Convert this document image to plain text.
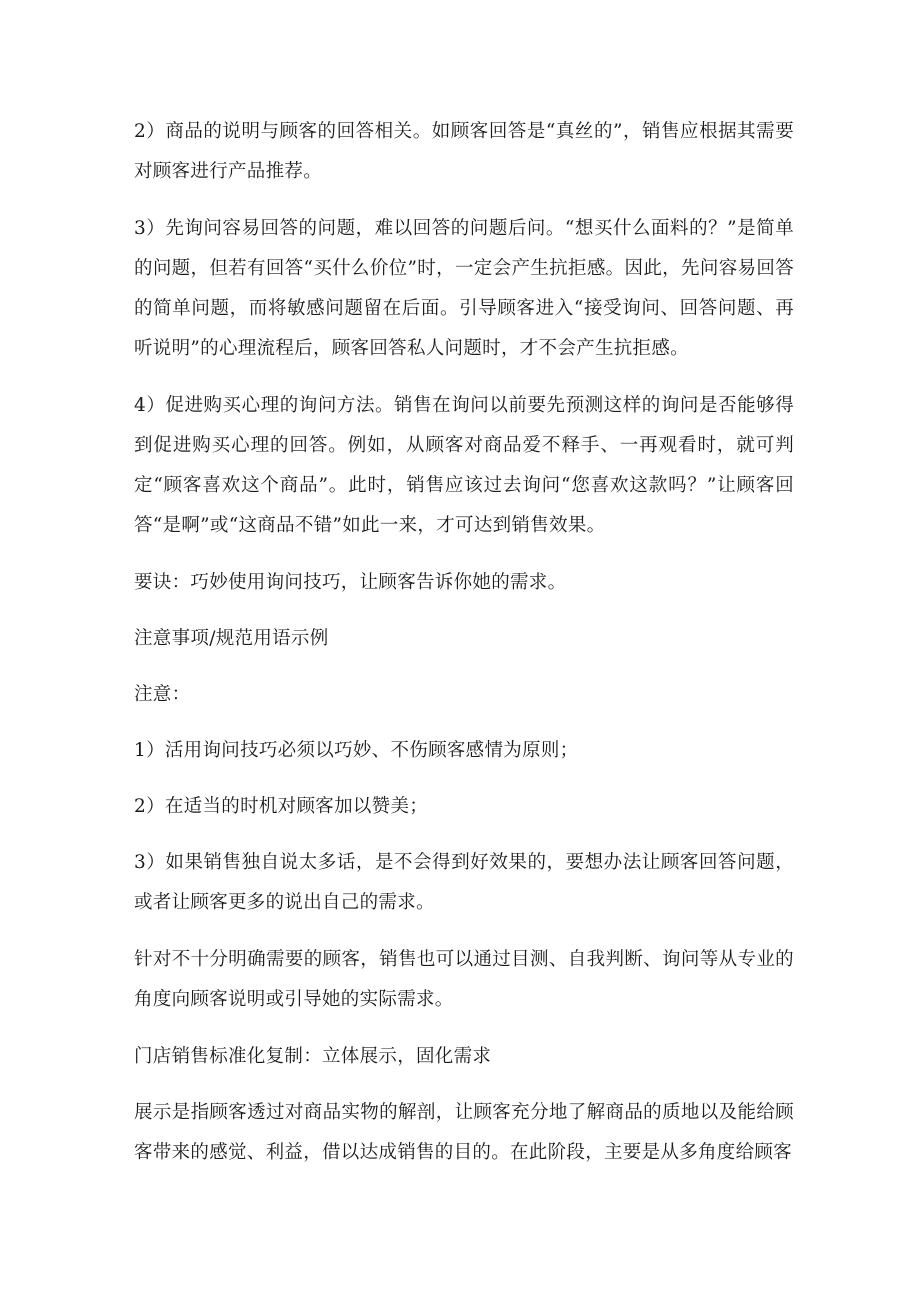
2）商品的说明与顾客的回答相关。如顾客回答是“真丝的”，销售应根据其需要对顾客进行产品推荐。

3）先询问容易回答的问题，难以回答的问题后问。“想买什么面料的？”是简单的问题，但若有回答“买什么价位”时，一定会产生抗拒感。因此，先问容易回答的简单问题，而将敏感问题留在后面。引导顾客进入“接受询问、回答问题、再听说明”的心理流程后，顾客回答私人问题时，才不会产生抗拒感。

4）促进购买心理的询问方法。销售在询问以前要先预测这样的询问是否能够得到促进购买心理的回答。例如，从顾客对商品爱不释手、一再观看时，就可判定“顾客喜欢这个商品”。此时，销售应该过去询问“您喜欢这款吗？”让顾客回答“是啊”或“这商品不错”如此一来，才可达到销售效果。

要诀：巧妙使用询问技巧，让顾客告诉你她的需求。

注意事项/规范用语示例

注意：

1）活用询问技巧必须以巧妙、不伤顾客感情为原则；

2）在适当的时机对顾客加以赞美；

3）如果销售独自说太多话，是不会得到好效果的，要想办法让顾客回答问题，或者让顾客更多的说出自己的需求。

针对不十分明确需要的顾客，销售也可以通过目测、自我判断、询问等从专业的角度向顾客说明或引导她的实际需求。

门店销售标准化复制：立体展示，固化需求

展示是指顾客透过对商品实物的解剖，让顾客充分地了解商品的质地以及能给顾客带来的感觉、利益，借以达成销售的目的。在此阶段，主要是从多角度给顾客
